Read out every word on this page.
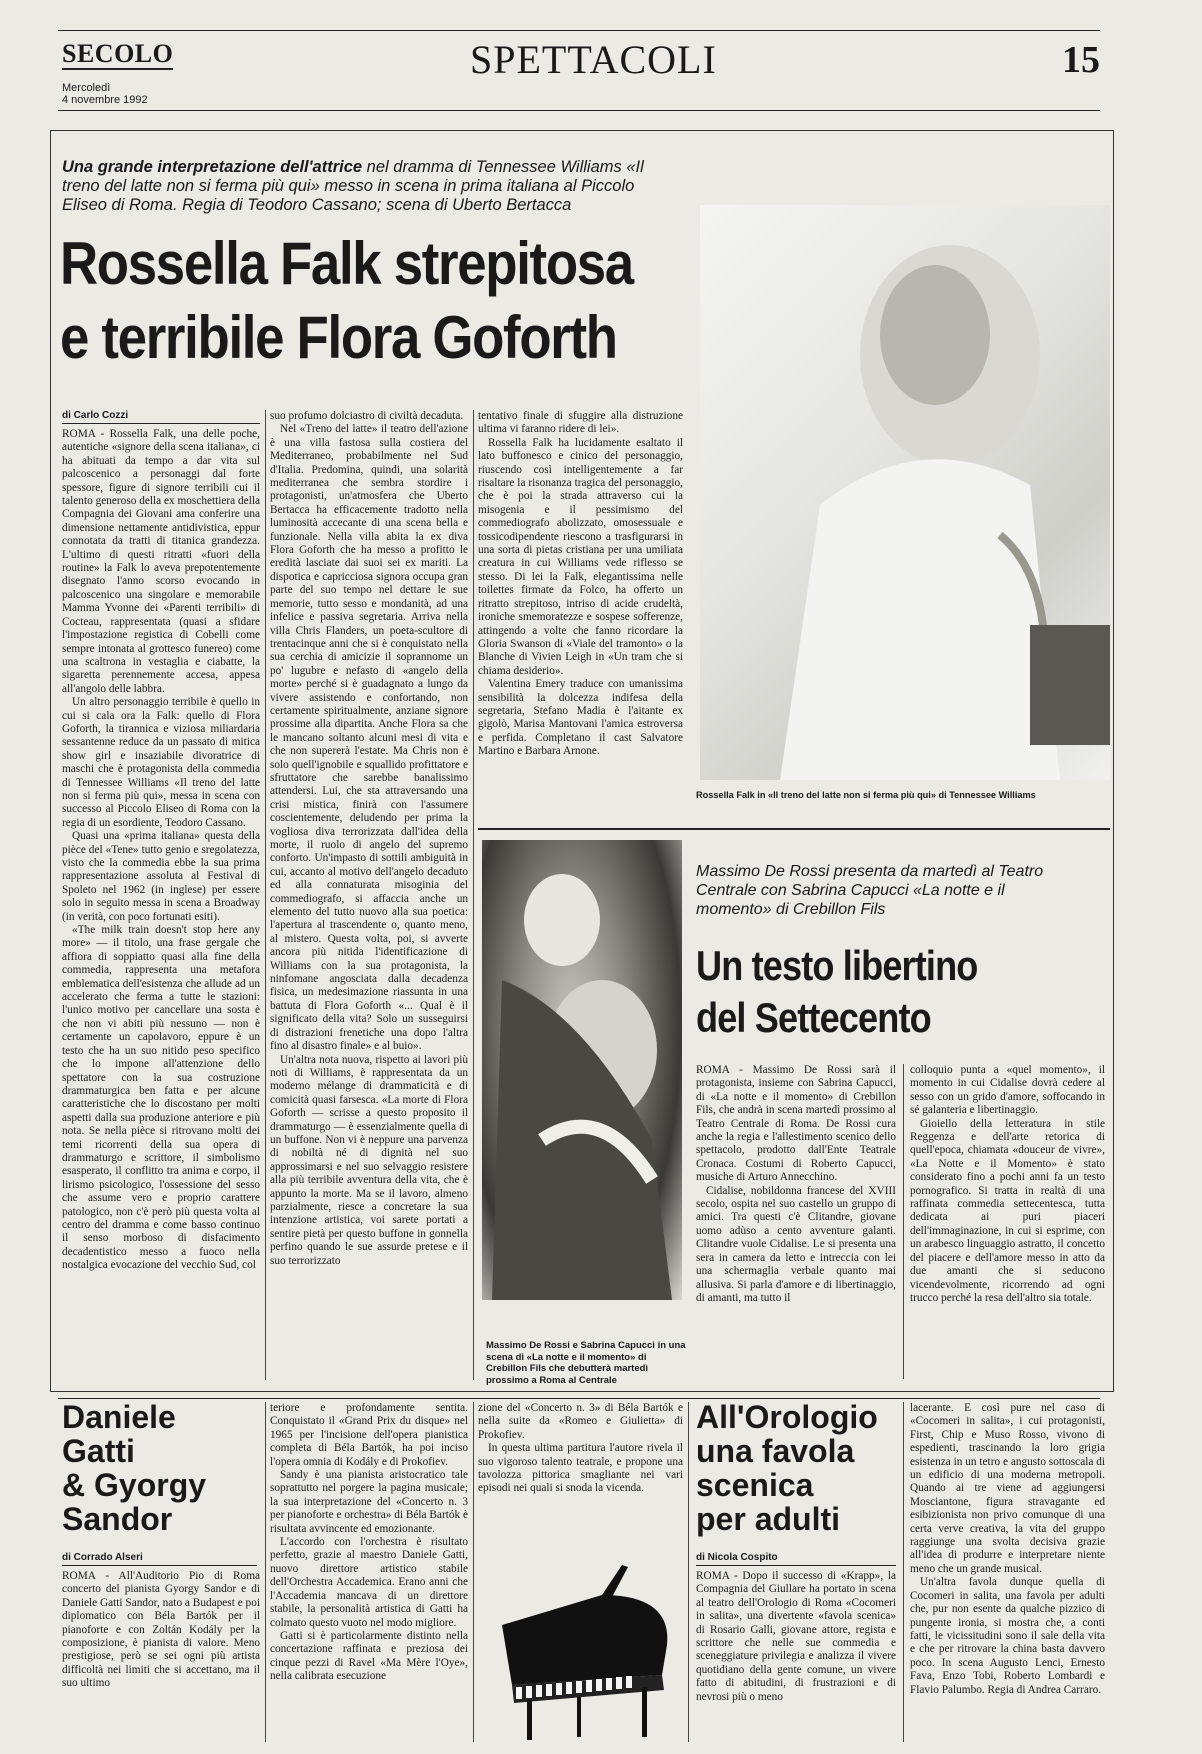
SECOLO
Mercoledì
4 novembre 1992
SPETTACOLI	15
Una grande interpretazione dell'attrice nel dramma di Tennessee Williams «Il treno del latte non si ferma più qui» messo in scena in prima italiana al Piccolo Eliseo di Roma. Regia di Teodoro Cassano; scena di Uberto Bertacca
Rossella Falk strepitosa
e terribile Flora Goforth
Rossella Falk in «Il treno del latte non si ferma più qui» di Tennessee Williams
di Carlo Cozzi

ROMA - Rossella Falk, una delle poche, autentiche «signore della scena italiana», ci ha abituati da tempo a dar vita sul palcoscenico a personaggi dal forte spessore, figure di signore terribili cui il talento generoso della ex moschettiera della Compagnia dei Giovani ama conferire una dimensione nettamente antidivistica, eppur connotata da tratti di titanica grandezza. L'ultimo di questi ritratti «fuori della routine» la Falk lo aveva prepotentemente disegnato l'anno scorso evocando in palcoscenico una singolare e memorabile Mamma Yvonne dei «Parenti terribili» di Cocteau, rappresentata (quasi a sfidare l'impostazione registica di Cobelli come sempre intonata al grottesco funereo) come una scaltrona in vestaglia e ciabatte, la sigaretta perennemente accesa, appesa all'angolo delle labbra.

Un altro personaggio terribile è quello in cui si cala ora la Falk: quello di Flora Goforth, la tirannica e viziosa miliardaria sessantenne reduce da un passato di mitica show girl e insaziabile divoratrice di maschi che è protagonista della commedia di Tennessee Williams «Il treno del latte non si ferma più qui», messa in scena con successo al Piccolo Eliseo di Roma con la regia di un esordiente, Teodoro Cassano.

Quasi una «prima italiana» questa della pièce del «Tene» tutto genio e sregolatezza, visto che la commedia ebbe la sua prima rappresentazione assoluta al Festival di Spoleto nel 1962 (in inglese) per essere solo in seguito messa in scena a Broadway (in verità, con poco fortunati esiti).

«The milk train doesn't stop here any more» — il titolo, una frase gergale che affiora di soppiatto quasi alla fine della commedia, rappresenta una metafora emblematica dell'esistenza che allude ad un accelerato che ferma a tutte le stazioni: l'unico motivo per cancellare una sosta è che non vi abiti più nessuno — non è certamente un capolavoro, eppure è un testo che ha un suo nitido peso specifico che lo impone all'attenzione dello spettatore con la sua costruzione drammaturgica ben fatta e per alcune caratteristiche che lo discostano per molti aspetti dalla sua produzione anteriore e più nota. Se nella pièce si ritrovano molti dei temi ricorrenti della sua opera di drammaturgo e scrittore, il simbolismo esasperato, il conflitto tra anima e corpo, il lirismo psicologico, l'ossessione del sesso che assume vero e proprio carattere patologico, non c'è però più questa volta al centro del dramma e come basso continuo il senso morboso di disfacimento decadentistico messo a fuoco nella nostalgica evocazione del vecchio Sud, col

suo profumo dolciastro di civiltà decaduta.

Nel «Treno del latte» il teatro dell'azione è una villa fastosa sulla costiera del Mediterraneo, probabilmente nel Sud d'Italia. Predomina, quindi, una solarità mediterranea che sembra stordire i protagonisti, un'atmosfera che Uberto Bertacca ha efficacemente tradotto nella luminosità accecante di una scena bella e funzionale. Nella villa abita la ex diva Flora Goforth che ha messo a profitto le eredità lasciate dai suoi sei ex mariti. La dispotica e capricciosa signora occupa gran parte del suo tempo nel dettare le sue memorie, tutto sesso e mondanità, ad una infelice e passiva segretaria. Arriva nella villa Chris Flanders, un poeta-scultore di trentacinque anni che si è conquistato nella sua cerchia di amicizie il soprannome un po' lugubre e nefasto di «angelo della morte» perché si è guadagnato a lungo da vivere assistendo e confortando, non certamente spiritualmente, anziane signore prossime alla dipartita. Anche Flora sa che le mancano soltanto alcuni mesi di vita e che non supererà l'estate. Ma Chris non è solo quell'ignobile e squallido profittatore e sfruttatore che sarebbe banalissimo attendersi. Lui, che sta attraversando una crisi mistica, finirà con l'assumere coscientemente, deludendo per prima la vogliosa diva terrorizzata dall'idea della morte, il ruolo di angelo del supremo conforto. Un'impasto di sottili ambiguità in cui, accanto al motivo dell'angelo decaduto ed alla connaturata misoginia del commediografo, si affaccia anche un elemento del tutto nuovo alla sua poetica: l'apertura al trascendente o, quanto meno, al mistero. Questa volta, poi, si avverte ancora più nitida l'identificazione di Williams con la sua protagonista, la ninfomane angosciata dalla decadenza fisica, un medesimazione riassunta in una battuta di Flora Goforth «... Qual è il significato della vita? Solo un susseguirsi di distrazioni frenetiche una dopo l'altra fino al disastro finale» e al buio».

Un'altra nota nuova, rispetto ai lavori più noti di Williams, è rappresentata da un moderno mélange di drammaticità e di comicità quasi farsesca. «La morte di Flora Goforth — scrisse a questo proposito il drammaturgo — è essenzialmente quella di un buffone. Non vi è neppure una parvenza di nobiltà né di dignità nel suo approssimarsi e nel suo selvaggio resistere alla più terribile avventura della vita, che è appunto la morte. Ma se il lavoro, almeno parzialmente, riesce a concretare la sua intenzione artistica, voi sarete portati a sentire pietà per questo buffone in gonnella perfino quando le sue assurde pretese e il suo terrorizzato

tentativo finale di sfuggire alla distruzione ultima vi faranno ridere di lei».

Rossella Falk ha lucidamente esaltato il lato buffonesco e cinico del personaggio, riuscendo così intelligentemente a far risaltare la risonanza tragica del personaggio, che è poi la strada attraverso cui la misogenia e il pessimismo del commediografo abolizzato, omosessuale e tossicodipendente riescono a trasfigurarsi in una sorta di pietas cristiana per una umiliata creatura in cui Williams vede riflesso se stesso. Di lei la Falk, elegantissima nelle toilettes firmate da Folco, ha offerto un ritratto strepitoso, intriso di acide crudeltà, ironiche smemoratezze e sospese sofferenze, attingendo a volte che fanno ricordare la Gloria Swanson di «Viale del tramonto» o la Blanche di Vivien Leigh in «Un tram che si chiama desiderio».

Valentina Emery traduce con umanissima sensibilità la dolcezza indifesa della segretaria, Stefano Madia è l'aitante ex gigolò, Marisa Mantovani l'amica estroversa e perfida. Completano il cast Salvatore Martino e Barbara Arnone.

Massimo De Rossi e Sabrina Capucci in una scena di «La notte e il momento» di Crebillon Fils che debutterà martedì prossimo a Roma al Centrale
Massimo De Rossi presenta da martedì al Teatro Centrale con Sabrina Capucci «La notte e il momento» di Crebillon Fils
Un testo libertino
del Settecento

ROMA - Massimo De Rossi sarà il protagonista, insieme con Sabrina Capucci, di «La notte e il momento» di Crebillon Fils, che andrà in scena martedì prossimo al Teatro Centrale di Roma. De Rossi cura anche la regia e l'allestimento scenico dello spettacolo, prodotto dall'Ente Teatrale Cronaca. Costumi di Roberto Capucci, musiche di Arturo Annecchino.

Cidalise, nobildonna francese del XVIII secolo, ospita nel suo castello un gruppo di amici. Tra questi c'è Clitandre, giovane uomo adùso a cento avventure galanti. Clitandre vuole Cidalise. Le si presenta una sera in camera da letto e intreccia con lei una schermaglia verbale quanto mai allusiva. Si parla d'amore e di libertinaggio, di amanti, ma tutto il

colloquio punta a «quel momento», il momento in cui Cidalise dovrà cedere al sesso con un grido d'amore, soffocando in sé galanteria e libertinaggio.

Gioiello della letteratura in stile Reggenza e dell'arte retorica di quell'epoca, chiamata «douceur de vivre», «La Notte e il Momento» è stato considerato fino a pochi anni fa un testo pornografico. Si tratta in realtà di una raffinata commedia settecentesca, tutta dedicata ai puri piaceri dell'immaginazione, in cui si esprime, con un arabesco linguaggio astratto, il concetto del piacere e dell'amore messo in atto da due amanti che si seducono vicendevolmente, ricorrendo ad ogni trucco perché la resa dell'altro sia totale.

Daniele
Gatti
& Gyorgy
Sandor
di Corrado Alseri

ROMA - All'Auditorio Pio di Roma concerto del pianista Gyorgy Sandor e di Daniele Gatti Sandor, nato a Budapest e poi diplomatico con Béla Bartók per il pianoforte e con Zoltán Kodály per la composizione, è pianista di valore. Meno prestigiose, però se sei ogni più artista difficoltà nei limiti che si accettano, ma il suo ultimo

teriore e profondamente sentita. Conquistato il «Grand Prix du disque» nel 1965 per l'incisione dell'opera pianistica completa di Béla Bartók, ha poi inciso l'opera omnia di Kodály e di Prokofiev.

Sandy è una pianista aristocratico tale soprattutto nel porgere la pagina musicale; la sua interpretazione del «Concerto n. 3 per pianoforte e orchestra» di Béla Bartók è risultata avvincente ed emozionante.

L'accordo con l'orchestra è risultato perfetto, grazie al maestro Daniele Gatti, nuovo direttore artistico stabile dell'Orchestra Accademica. Erano anni che l'Accademia mancava di un direttore stabile, la personalità artistica di Gatti ha colmato questo vuoto nel modo migliore.

Gatti si è particolarmente distinto nella concertazione raffinata e preziosa dei cinque pezzi di Ravel «Ma Mère l'Oye», nella calibrata esecuzione

zione del «Concerto n. 3» di Béla Bartók e nella suite da «Romeo e Giulietta» di Prokofiev.

In questa ultima partitura l'autore rivela il suo vigoroso talento teatrale, e propone una tavolozza pittorica smagliante nei vari episodi nei quali si snoda la vicenda.

All'Orologio
una favola
scenica
per adulti
di Nicola Cospito

ROMA - Dopo il successo di «Krapp», la Compagnia del Giullare ha portato in scena al teatro dell'Orologio di Roma «Cocomeri in salita», una divertente «favola scenica» di Rosario Galli, giovane attore, regista e scrittore che nelle sue commedia e sceneggiature privilegia e analizza il vivere quotidiano della gente comune, un vivere fatto di abitudini, di frustrazioni e di nevrosi più o meno

lacerante. E così pure nel caso di «Cocomeri in salita», i cui protagonisti, First, Chip e Muso Rosso, vivono di espedienti, trascinando la loro grigia esistenza in un tetro e angusto sottoscala di un edificio di una moderna metropoli. Quando ai tre viene ad aggiungersi Mosciantone, figura stravagante ed esibizionista non privo comunque di una certa verve creativa, la vita del gruppo raggiunge una svolta decisiva grazie all'idea di produrre e interpretare niente meno che un grande musical.

Un'altra favola dunque quella di Cocomeri in salita, una favola per adulti che, pur non esente da qualche pizzico di pungente ironia, si mostra che, a conti fatti, le vicissitudini sono il sale della vita e che per ritrovare la china basta davvero poco. In scena Augusto Lenci, Ernesto Fava, Enzo Tobi, Roberto Lombardi e Flavio Palumbo. Regia di Andrea Carraro.
